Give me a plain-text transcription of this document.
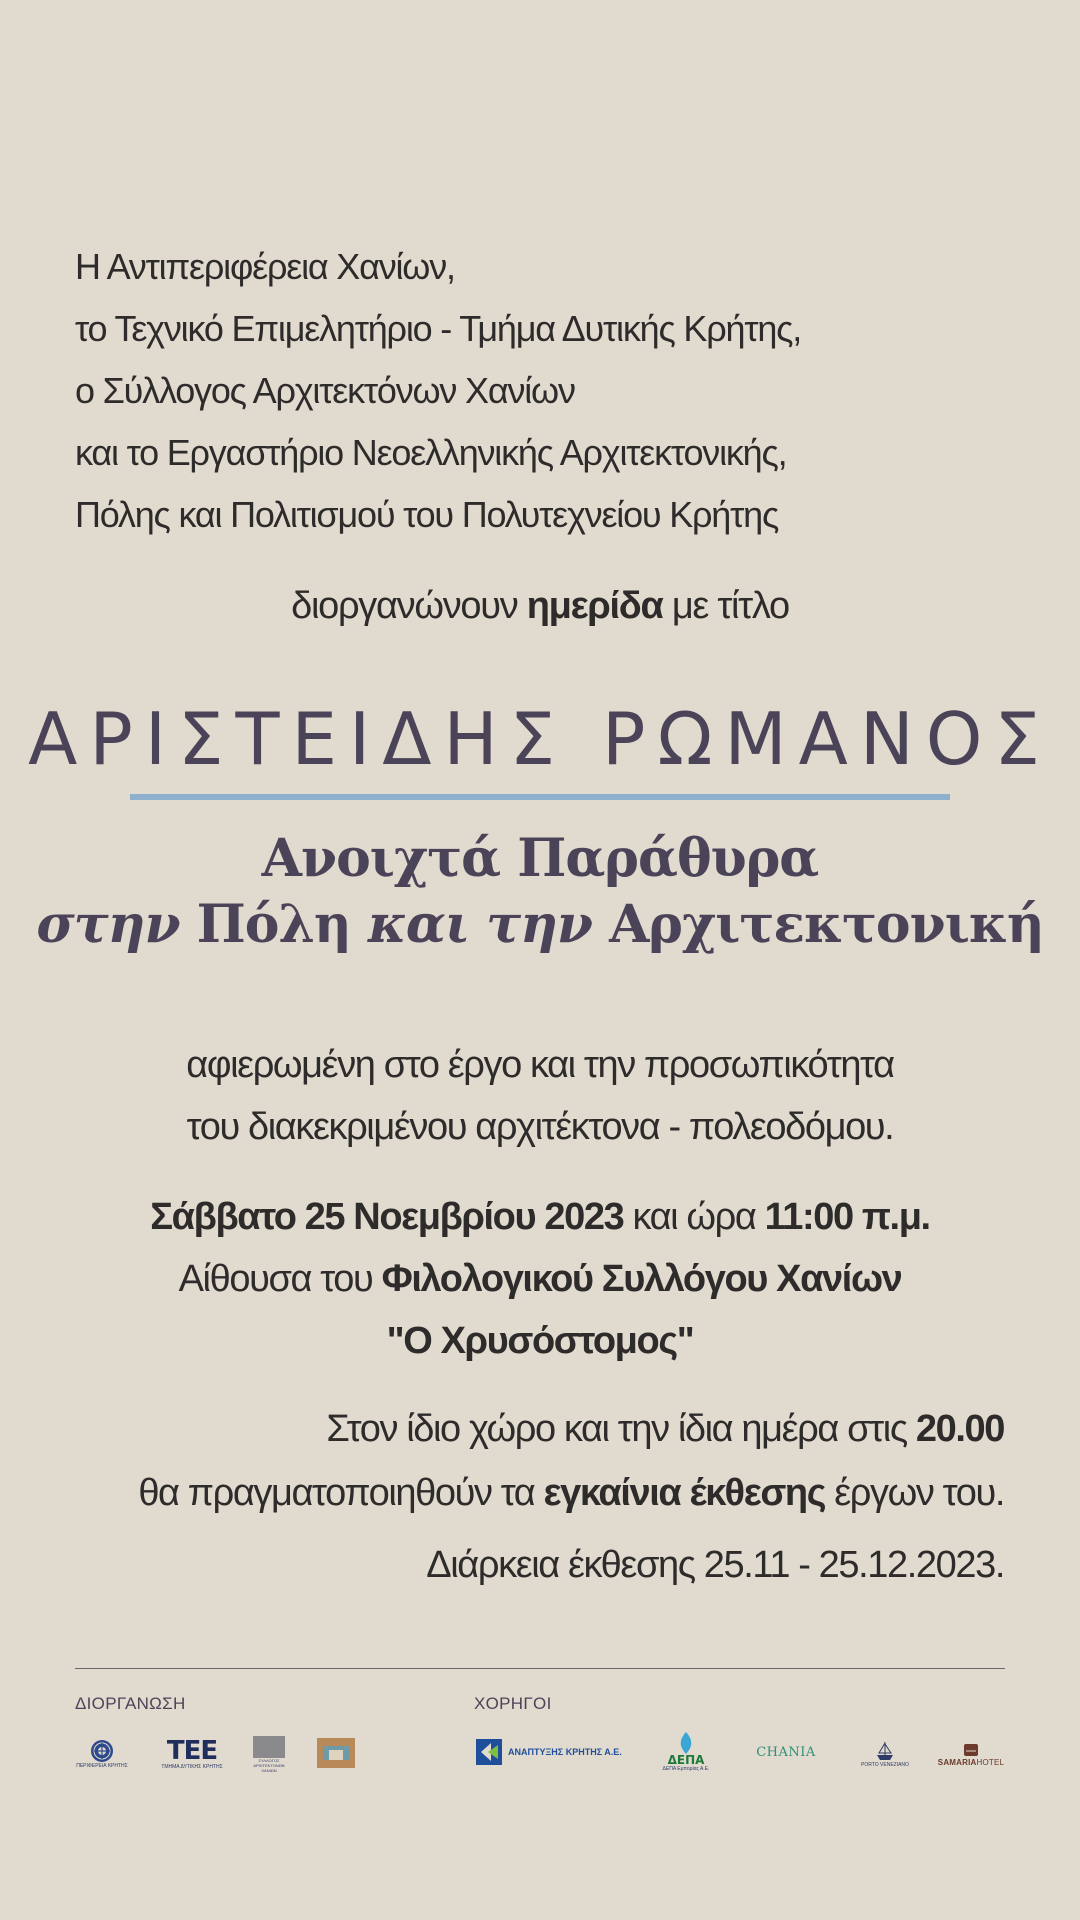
Η Αντιπεριφέρεια Χανίων,
το Τεχνικό Επιμελητήριο - Τμήμα Δυτικής Κρήτης,
ο Σύλλογος Αρχιτεκτόνων Χανίων
και το Εργαστήριο Νεοελληνικής Αρχιτεκτονικής,
Πόλης και Πολιτισμού του Πολυτεχνείου Κρήτης
διοργανώνουν ημερίδα με τίτλο
ΑΡΙΣΤΕΙΔΗΣ ΡΩΜΑΝΟΣ
Ανοιχτά Παράθυρα
στην Πόλη και την Αρχιτεκτονική
αφιερωμένη στο έργο και την προσωπικότητα
του διακεκριμένου αρχιτέκτονα - πολεοδόμου.
Σάββατο 25 Νοεμβρίου 2023 και ώρα 11:00 π.μ.
Αίθουσα του Φιλολογικού Συλλόγου Χανίων
"Ο Χρυσόστομος"
Στον ίδιο χώρο και την ίδια ημέρα στις 20.00
θα πραγματοποιηθούν τα εγκαίνια έκθεσης έργων του.
Διάρκεια έκθεσης 25.11 - 25.12.2023.
ΔΙΟΡΓΑΝΩΣΗ	ΧΟΡΗΓΟΙ
ΠΕΡΙΦΕΡΕΙΑ ΚΡΗΤΗΣ ΤΕΕ
ΤΜΗΜΑ ΔΥΤΙΚΗΣ ΚΡΗΤΗΣ
ΣΥΛΛΟΓΟΣ ΑΡΧΙΤΕΚΤΟΝΩΝ ΧΑΝΙΩΝ
ΑΝΑΠΤΥΞΗΣ ΚΡΗΤΗΣ Α.Ε.
ΔΕΠΑ
ΔΕΠΑ Εμπορίας Α.Ε.
CHANIA
PORTO VENEZIANO	SAMARIAHOTEL
